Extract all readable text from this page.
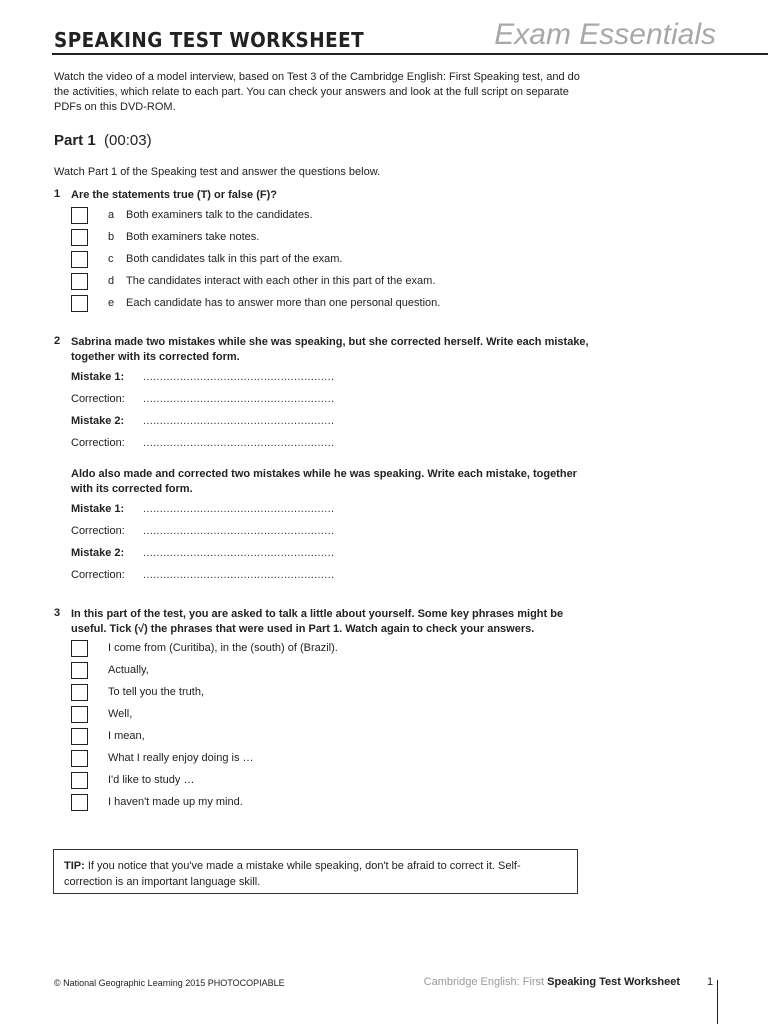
SPEAKING TEST WORKSHEET	Exam Essentials
Watch the video of a model interview, based on Test 3 of the Cambridge English: First Speaking test, and do the activities, which relate to each part. You can check your answers and look at the full script on separate PDFs on this DVD-ROM.
Part 1 (00:03)
Watch Part 1 of the Speaking test and answer the questions below.
1 Are the statements true (T) or false (F)?
a Both examiners talk to the candidates.
b Both examiners take notes.
c Both candidates talk in this part of the exam.
d The candidates interact with each other in this part of the exam.
e Each candidate has to answer more than one personal question.
2 Sabrina made two mistakes while she was speaking, but she corrected herself. Write each mistake, together with its corrected form.
Mistake 1: .........................................................
Correction: .........................................................
Mistake 2: .........................................................
Correction: .........................................................
Aldo also made and corrected two mistakes while he was speaking. Write each mistake, together with its corrected form.
Mistake 1: .........................................................
Correction: .........................................................
Mistake 2: .........................................................
Correction: .........................................................
3 In this part of the test, you are asked to talk a little about yourself. Some key phrases might be useful. Tick (√) the phrases that were used in Part 1. Watch again to check your answers.
I come from (Curitiba), in the (south) of (Brazil).
Actually,
To tell you the truth,
Well,
I mean,
What I really enjoy doing is …
I'd like to study …
I haven't made up my mind.
TIP: If you notice that you've made a mistake while speaking, don't be afraid to correct it. Self-correction is an important language skill.
© National Geographic Learning 2015 PHOTOCOPIABLE	Cambridge English: First Speaking Test Worksheet 1
